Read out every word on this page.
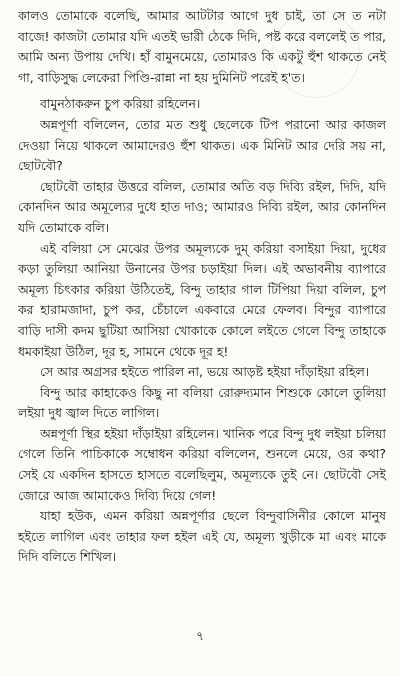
কালও তোমাকে বলেছি, আমার আটটার আগে দুধ চাই, তা সে ত নটা বাজে! কাজটা তোমার যদি এতই ভারী ঠেকে দিদি, পষ্ট করে বললেই ত পার, আমি অন্য উপায় দেখি। হাঁ বামুনমেয়ে, তোমারও কি একটু হুঁশ থাকতে নেই গা, বাড়িসুদ্ধ লেকেরা পিণ্ডি-রান্না না হয় দুমিনিট পরেই হ'ত।

বামুনঠাকরুন চুপ করিয়া রহিলেন।

অন্নপূর্ণা বলিলেন, তোর মত শুধু ছেলেকে টিপ পরানো আর কাজল দেওয়া নিয়ে থাকলে আমাদেরও হুঁশ থাকত। এক মিনিট আর দেরি সয় না, ছোটবৌ?

ছোটবৌ তাহার উত্তরে বলিল, তোমার অতি বড় দিব্যি রইল, দিদি, যদি কোনদিন আর অমূল্যের দুধে হাত দাও; আমারও দিব্যি রইল, আর কোনদিন যদি তোমাকে বলি।

এই বলিয়া সে মেঝের উপর অমূল্যকে দুম্‌ করিয়া বসাইয়া দিয়া, দুধের কড়া তুলিয়া আনিয়া উনানের উপর চড়াইয়া দিল। এই অভাবনীয় ব্যাপারে অমূল্য চিৎকার করিয়া উঠিতেই, বিন্দু তাহার গাল টিপিয়া দিয়া বলিল, চুপ কর হারামজাদা, চুপ কর, চেঁচালে একবারে মেরে ফেলব। বিন্দুর ব্যাপারে বাড়ি দাসী কদম ছুটিয়া আসিয়া খোকাকে কোলে লইতে গেলে বিন্দু তাহাকে ধমকাইয়া উঠিল, দূর হ, সামনে থেকে দূর হ!

সে আর অগ্রসর হইতে পারিল না, ভয়ে আড়ষ্ট হইয়া দাঁড়াইয়া রহিল।

বিন্দু আর কাহাকেও কিছু না বলিয়া রোরুদ্যমান শিশুকে কোলে তুলিয়া লইয়া দুধ জ্বাল দিতে লাগিল।

অন্নপূর্ণা স্থির হইয়া দাঁড়াইয়া রহিলেন। খানিক পরে বিন্দু দুধ লইয়া চলিয়া গেলে তিনি পাচিকাকে সম্বোধন করিয়া বলিলেন, শুনলে মেয়ে, ওর কথা? সেই যে একদিন হাসতে হাসতে বলেছিলুম, অমূল্যকে তুই নে। ছোটবৌ সেই জোরে আজ আমাকেও দিব্যি দিয়ে গেল!

যাহা হউক, এমন করিয়া অন্নপূর্ণার ছেলে বিন্দুবাসিনীর কোলে মানুষ হইতে লাগিল এবং তাহার ফল হইল এই যে, অমূল্য খুড়ীকে মা এবং মাকে দিদি বলিতে শিখিল।

৭
